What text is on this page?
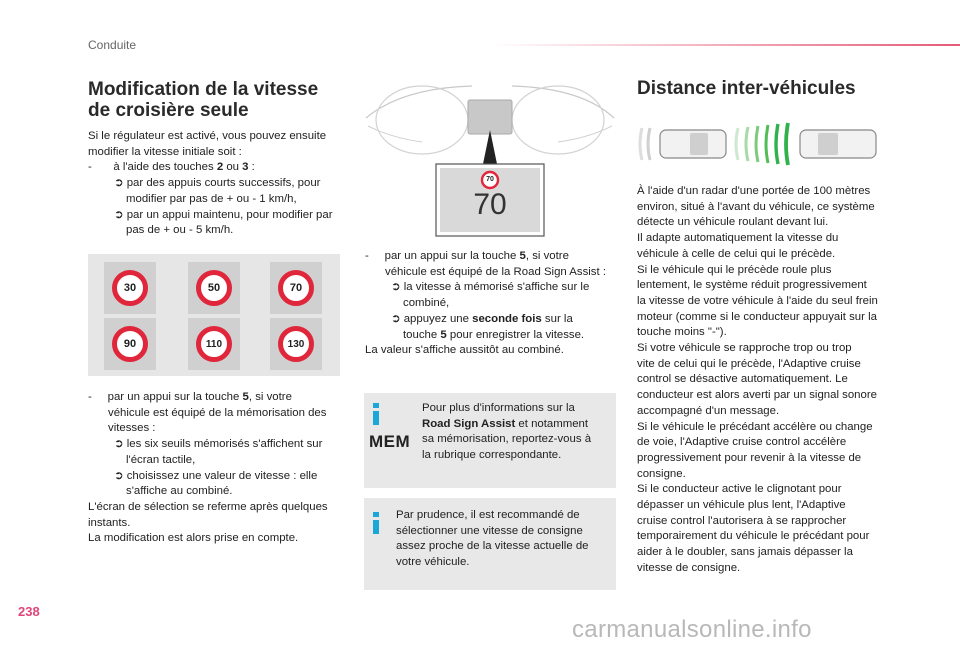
Conduite
Modification de la vitesse
de croisière seule

Si le régulateur est activé, vous pouvez ensuite

modifier la vitesse initiale soit :

-	à l'aide des touches 2 ou 3 :

➲ par des appuis courts successifs, pour

modifier par pas de + ou - 1 km/h,

➲ par un appui maintenu, pour modifier par

pas de + ou - 5 km/h.

30	50	70
90	110	130

-     par un appui sur la touche 5, si votre

véhicule est équipé de la mémorisation des

vitesses :

➲ les six seuils mémorisés s'affichent sur

l'écran tactile,

➲ choisissez une valeur de vitesse : elle

s'affiche au combiné.

L'écran de sélection se referme après quelques

instants.

La modification est alors prise en compte.

70
70

-     par un appui sur la touche 5, si votre

véhicule est équipé de la Road Sign Assist :

➲ la vitesse à mémorisé s'affiche sur le

combiné,

➲ appuyez une seconde fois sur la

touche 5 pour enregistrer la vitesse.

La valeur s'affiche aussitôt au combiné.

MEM

Pour plus d'informations sur la

Road Sign Assist et notamment

sa mémorisation, reportez-vous à

la rubrique correspondante.

Par prudence, il est recommandé de

sélectionner une vitesse de consigne

assez proche de la vitesse actuelle de

votre véhicule.

Distance inter-véhicules

À l'aide d'un radar d'une portée de 100 mètres

environ, situé à l'avant du véhicule, ce système

détecte un véhicule roulant devant lui.

Il adapte automatiquement la vitesse du

véhicule à celle de celui qui le précède.

Si le véhicule qui le précède roule plus

lentement, le système réduit progressivement

la vitesse de votre véhicule à l'aide du seul frein

moteur (comme si le conducteur appuyait sur la

touche moins "-").

Si votre véhicule se rapproche trop ou trop

vite de celui qui le précède, l'Adaptive cruise

control se désactive automatiquement. Le

conducteur est alors averti par un signal sonore

accompagné d'un message.

Si le véhicule le précédant accélère ou change

de voie, l'Adaptive cruise control accélère

progressivement pour revenir à la vitesse de

consigne.

Si le conducteur active le clignotant pour

dépasser un véhicule plus lent, l'Adaptive

cruise control l'autorisera à se rapprocher

temporairement du véhicule le précédant pour

aider à le doubler, sans jamais dépasser la

vitesse de consigne.

238
carmanualsonline.info
